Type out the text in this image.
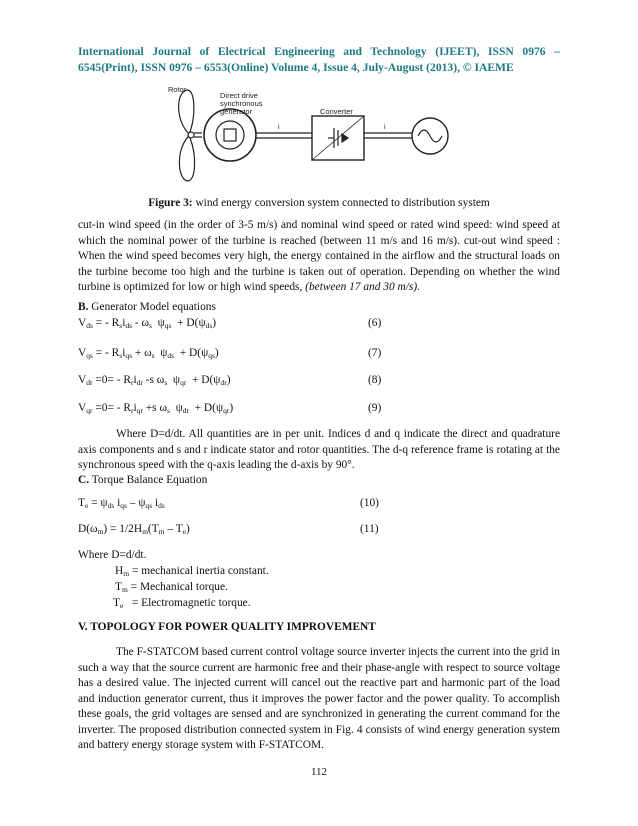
International Journal of Electrical Engineering and Technology (IJEET), ISSN 0976 – 6545(Print), ISSN 0976 – 6553(Online) Volume 4, Issue 4, July-August (2013), © IAEME
i	i
Rotor
Direct drive synchronous generator	Converter
Figure 3: wind energy conversion system connected to distribution system
cut-in wind speed (in the order of 3-5 m/s) and nominal wind speed or rated wind speed: wind speed at which the nominal power of the turbine is reached (between 11 m/s and 16 m/s). cut-out wind speed : When the wind speed becomes very high, the energy contained in the airflow and the structural loads on the turbine become too high and the turbine is taken out of operation. Depending on whether the wind turbine is optimized for low or high wind speeds, (between 17 and 30 m/s).
B. Generator Model equations
$V_{ds}$ = - $R_si_{ds} - \omega_s$  $\psi_{qs} + D(\psi_{ds})$	(6)
$V_{qs}$ = - $R_si_{qs} + \omega_s$  $\psi_{ds} + D(\psi_{qs})$	(7)
$V_{dr} =0= - R_ri_{dr}$ -s $\omega_s$  $\psi_{qr} + D(\psi_{dr})$	(8)
$V_{qr} =0= - R_ri_{qr} +s$ $\omega_s$  $\psi_{dr} + D(\psi_{qr})$	(9)
Where D=d/dt. All quantities are in per unit. Indices d and q indicate the direct and quadrature axis components and s and r indicate stator and rotor quantities. The d-q reference frame is rotating at the synchronous speed with the q-axis leading the d-axis by 90°.
C. Torque Balance Equation
$T_e = \psi_{ds}$ $i_{qs} - \psi_{qs}$ $i_{ds}$	(10)
$D(\omega_m) = 1/2H_m(T_m - T_e)$	(11)
Where D=d/dt.
$H_m$ = mechanical inertia constant.
$T_m$ = Mechanical torque.
$T_e$ = Electromagnetic torque.
V. TOPOLOGY FOR POWER QUALITY IMPROVEMENT
The F-STATCOM based current control voltage source inverter injects the current into the grid in such a way that the source current are harmonic free and their phase-angle with respect to source voltage has a desired value. The injected current will cancel out the reactive part and harmonic part of the load and induction generator current, thus it improves the power factor and the power quality. To accomplish these goals, the grid voltages are sensed and are synchronized in generating the current command for the inverter. The proposed distribution connected system in Fig. 4 consists of wind energy generation system and battery energy storage system with F-STATCOM.
112
